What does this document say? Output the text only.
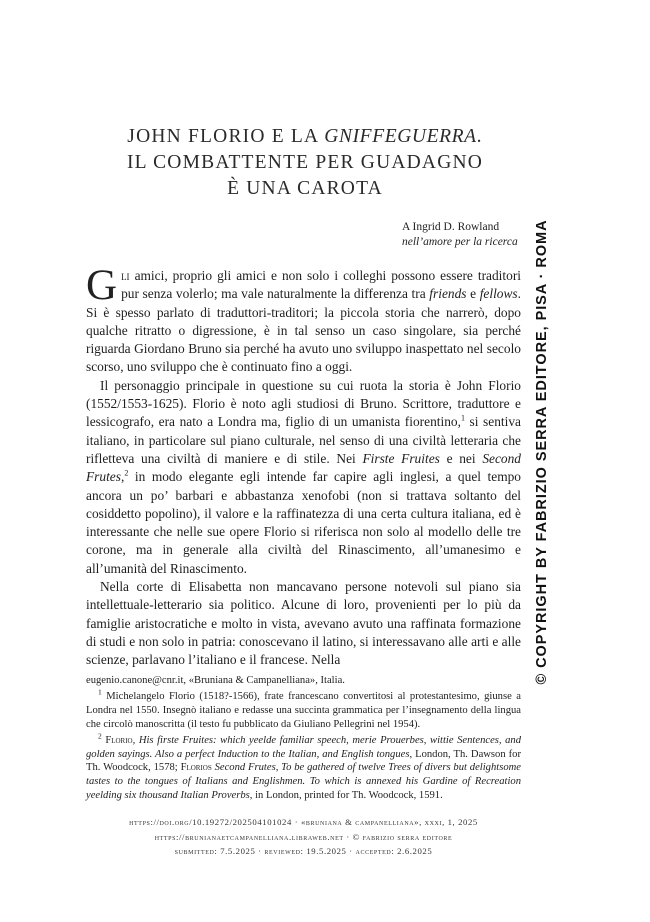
© COPYRIGHT BY FABRIZIO SERRA EDITORE, PISA · ROMA
JOHN FLORIO E LA GNIFFEGUERRA.
IL COMBATTENTE PER GUADAGNO
È UNA CAROTA
A Ingrid D. Rowland
nell’amore per la ricerca

Gli amici, proprio gli amici e non solo i colleghi possono essere traditori pur senza volerlo; ma vale naturalmente la differenza tra friends e fellows. Si è spesso parlato di traduttori-traditori; la piccola storia che narrerò, dopo qualche ritratto o digressione, è in tal senso un caso singolare, sia perché riguarda Giordano Bruno sia perché ha avuto uno sviluppo inaspettato nel secolo scorso, uno sviluppo che è continuato fino a oggi.

Il personaggio principale in questione su cui ruota la storia è John Florio (1552/1553-1625). Florio è noto agli studiosi di Bruno. Scrittore, traduttore e lessicografo, era nato a Londra ma, figlio di un umanista fiorentino,$^1$ si sentiva italiano, in particolare sul piano culturale, nel senso di una civiltà letteraria che riflettevа una civiltà di maniere e di stile. Nei Firste Fruites e nei Second Frutes,$^2$ in modo elegante egli intende far capire agli inglesi, a quel tempo ancora un po’ barbari e abbastanza xenofobi (non si trattava soltanto del cosiddetto popolino), il valore e la raffinatezza di una certa cultura italiana, ed è interessante che nelle sue opere Florio si riferisca non solo al modello delle tre corone, ma in generale alla civiltà del Rinascimento, all’umanesimo e all’umanità del Rinascimento.

Nella corte di Elisabetta non mancavano persone notevoli sul piano sia intellettuale-letterario sia politico. Alcune di loro, provenienti per lo più da famiglie aristocratiche e molto in vista, avevano avuto una raffinata formazione di studi e non solo in patria: conoscevano il latino, si interessavano alle arti e alle scienze, parlavano l’italiano e il francese. Nella

eugenio.canone@cnr.it, «Bruniana & Campanelliana», Italia.

$^1$ Michelangelo Florio (1518?-1566), frate francescano convertitosi al protestantesimo, giunse a Londra nel 1550. Insegnò italiano e redasse una succinta grammatica per l’insegnamento della lingua che circolò manoscritta (il testo fu pubblicato da Giuliano Pellegrini nel 1954).

$^2$ Florio, His firste Fruites: which yeelde familiar speech, merie Prouerbes, wittie Sentences, and golden sayings. Also a perfect Induction to the Italian, and English tongues, London, Th. Dawson for Th. Woodcock, 1578; Florios Second Frutes, To be gathered of twelve Trees of divers but delightsome tastes to the tongues of Italians and Englishmen. To which is annexed his Gardine of Recreation yeelding six thousand Italian Proverbs, in London, printed for Th. Woodcock, 1591.

https://doi.org/10.19272/202504101024 · «bruniana & campanelliana», xxxi, 1, 2025
https://brunianaetcampanelliana.libraweb.net · © fabrizio serra editore
submitted: 7.5.2025 · reviewed: 19.5.2025 · accepted: 2.6.2025
